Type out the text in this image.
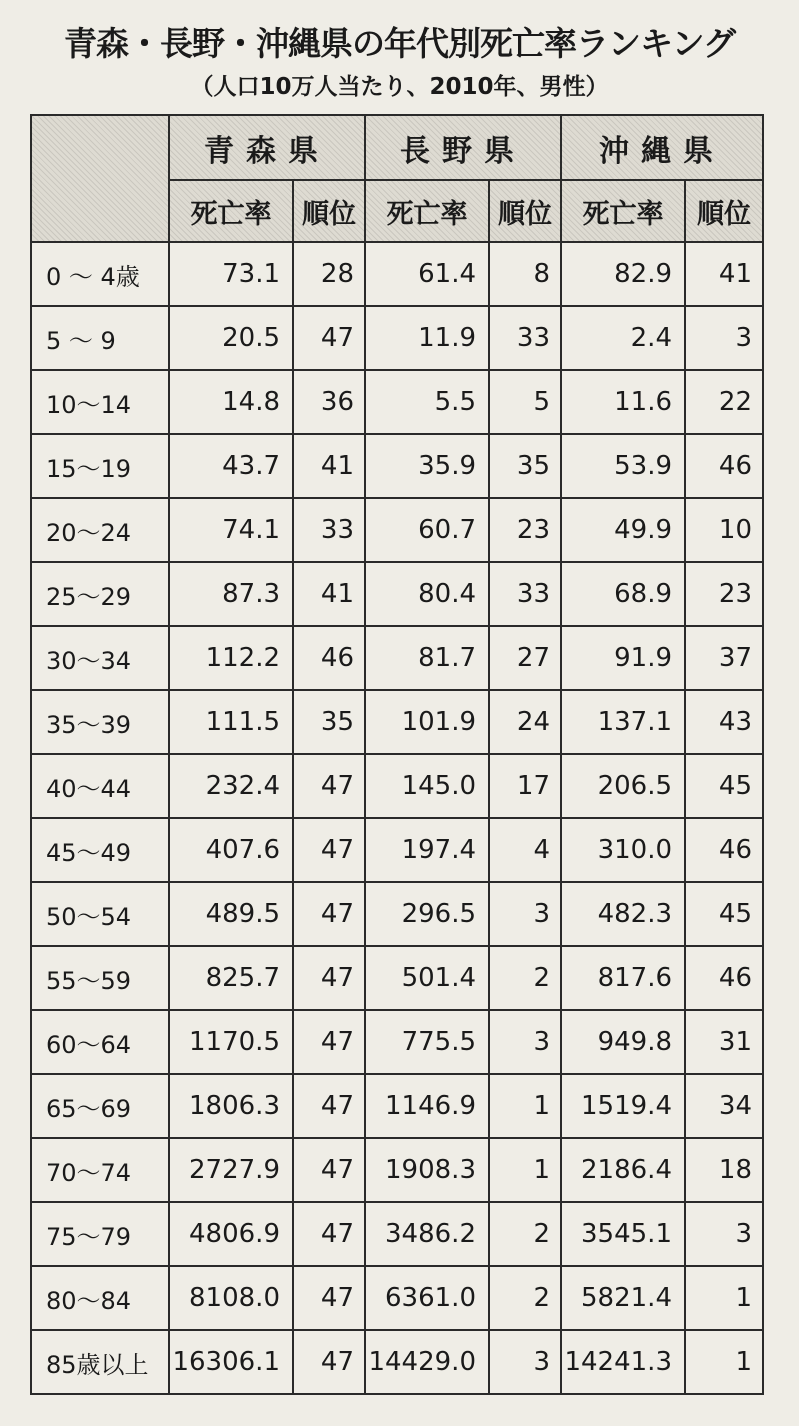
青森・長野・沖縄県の年代別死亡率ランキング
（人口10万人当たり、2010年、男性）
	青森県		長野県		沖縄県	
	死亡率	順位	死亡率	順位	死亡率	順位
0 ～ 4歳	73.1	28	61.4	8	82.9	41
5 ～ 9	20.5	47	11.9	33	2.4	3
10～14	14.8	36	5.5	5	11.6	22
15～19	43.7	41	35.9	35	53.9	46
20～24	74.1	33	60.7	23	49.9	10
25～29	87.3	41	80.4	33	68.9	23
30～34	112.2	46	81.7	27	91.9	37
35～39	111.5	35	101.9	24	137.1	43
40～44	232.4	47	145.0	17	206.5	45
45～49	407.6	47	197.4	4	310.0	46
50～54	489.5	47	296.5	3	482.3	45
55～59	825.7	47	501.4	2	817.6	46
60～64	1170.5	47	775.5	3	949.8	31
65～69	1806.3	47	1146.9	1	1519.4	34
70～74	2727.9	47	1908.3	1	2186.4	18
75～79	4806.9	47	3486.2	2	3545.1	3
80～84	8108.0	47	6361.0	2	5821.4	1
85歳以上	16306.1	47	14429.0	3	14241.3	1
